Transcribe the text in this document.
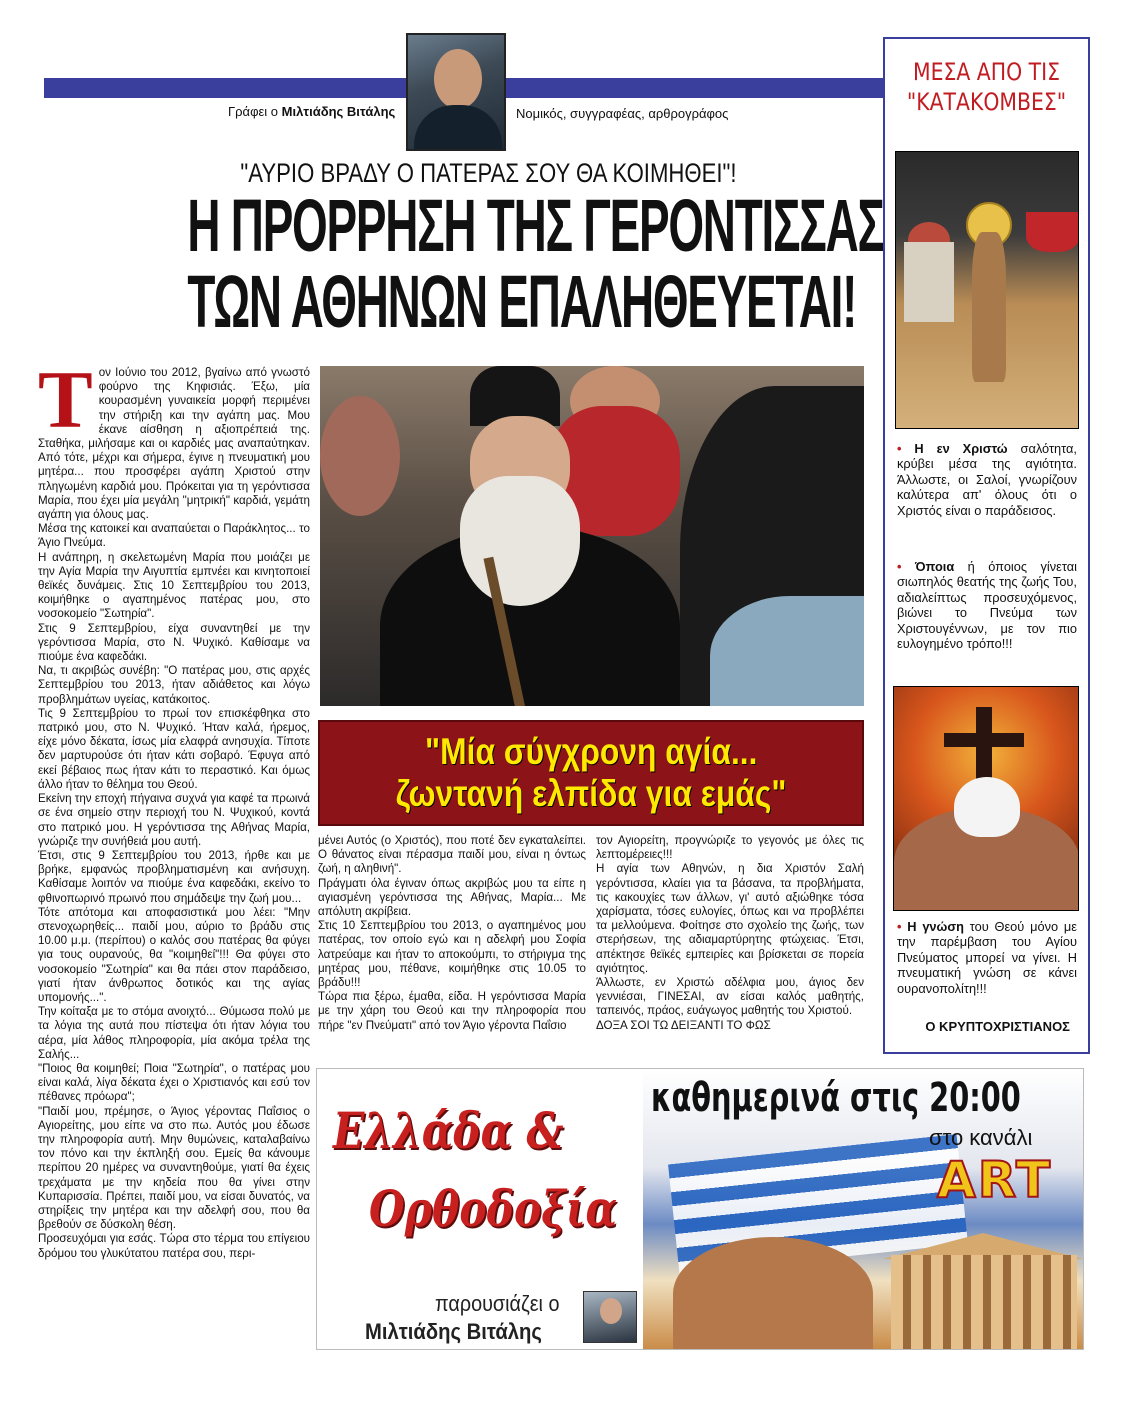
Γράφει ο Μιλτιάδης Βιτάλης	Νομικός, συγγραφέας, αρθρογράφος
"ΑΥΡΙΟ ΒΡΑΔΥ Ο ΠΑΤΕΡΑΣ ΣΟΥ ΘΑ ΚΟΙΜΗΘΕΙ"!
Η ΠΡΟΡΡΗΣΗ ΤΗΣ ΓΕΡΟΝΤΙΣΣΑΣ
ΤΩΝ ΑΘΗΝΩΝ ΕΠΑΛΗΘΕΥΕΤΑΙ!
Τ ον Ιούνιο του 2012, βγαίνω από γνωστό φούρνο της Κηφισιάς. Έξω, μία κουρασμένη γυναικεία μορφή περιμένει την στήριξη και την αγάπη μας. Μου έκανε αίσθηση η αξιοπρέπειά της. Σταθήκα, μιλήσαμε και οι καρδιές μας αναπαύτηκαν. Από τότε, μέχρι και σήμερα, έγινε η πνευματική μου μητέρα... που προσφέρει αγάπη Χριστού στην πληγωμένη καρδιά μου. Πρόκειται για τη γερόντισσα Μαρία, που έχει μία μεγάλη "μητρική" καρδιά, γεμάτη αγάπη για όλους μας.

Μέσα της κατοικεί και αναπαύεται ο Παράκλητος... το Άγιο Πνεύμα.

Η ανάπηρη, η σκελετωμένη Μαρία που μοιάζει με την Αγία Μαρία την Αιγυπτία εμπνέει και κινητοποιεί θεϊκές δυνάμεις. Στις 10 Σεπτεμβρίου του 2013, κοιμήθηκε ο αγαπημένος πατέρας μου, στο νοσοκομείο "Σωτηρία".

Στις 9 Σεπτεμβρίου, είχα συναντηθεί με την γερόντισσα Μαρία, στο Ν. Ψυχικό. Καθίσαμε να πιούμε ένα καφεδάκι.

Να, τι ακριβώς συνέβη: "Ο πατέρας μου, στις αρχές Σεπτεμβρίου του 2013, ήταν αδιάθετος και λόγω προβλημάτων υγείας, κατάκοιτος.

Τις 9 Σεπτεμβρίου το πρωί τον επισκέφθηκα στο πατρικό μου, στο Ν. Ψυχικό. Ήταν καλά, ήρεμος, είχε μόνο δέκατα, ίσως μία ελαφρά ανησυχία. Τίποτε δεν μαρτυρούσε ότι ήταν κάτι σοβαρό. Έφυγα από εκεί βέβαιος πως ήταν κάτι το περαστικό. Και όμως άλλο ήταν το θέλημα του Θεού.

Εκείνη την εποχή πήγαινα συχνά για καφέ τα πρωινά σε ένα σημείο στην περιοχή του Ν. Ψυχικού, κοντά στο πατρικό μου. Η γερόντισσα της Αθήνας Μαρία, γνώριζε την συνήθειά μου αυτή.

Έτσι, στις 9 Σεπτεμβρίου του 2013, ήρθε και με βρήκε, εμφανώς προβληματισμένη και ανήσυχη. Καθίσαμε λοιπόν να πιούμε ένα καφεδάκι, εκείνο το φθινοπωρινό πρωινό που σημάδεψε την ζωή μου...

Τότε απότομα και αποφασιστικά μου λέει: "Μην στενοχωρηθείς... παιδί μου, αύριο το βράδυ στις 10.00 μ.μ. (περίπου) ο καλός σου πατέρας θα φύγει για τους ουρανούς, θα "κοιμηθεί"!!! Θα φύγει στο νοσοκομείο "Σωτηρία" και θα πάει στον παράδεισο, γιατί ήταν άνθρωπος δοτικός και της αγίας υπομονής...".

Την κοίταξα με το στόμα ανοιχτό... Θύμωσα πολύ με τα λόγια της αυτά που πίστεψα ότι ήταν λόγια του αέρα, μία λάθος πληροφορία, μία ακόμα τρέλα της Σαλής...

"Ποιος θα κοιμηθεί; Ποια "Σωτηρία", ο πατέρας μου είναι καλά, λίγα δέκατα έχει ο Χριστιανός και εσύ τον πέθανες πρόωρα";

"Παιδί μου, πρέμησε, ο Άγιος γέροντας Παΐσιος ο Αγιορείτης, μου είπε να στο πω. Αυτός μου έδωσε την πληροφορία αυτή. Μην θυμώνεις, καταλαβαίνω τον πόνο και την έκπληξή σου. Εμείς θα κάνουμε περίπου 20 ημέρες να συναντηθούμε, γιατί θα έχεις τρεχάματα με την κηδεία που θα γίνει στην Κυπαρισσία. Πρέπει, παιδί μου, να είσαι δυνατός, να στηρίξεις την μητέρα και την αδελφή σου, που θα βρεθούν σε δύσκολη θέση.

Προσευχόμαι για εσάς. Τώρα στο τέρμα του επίγειου δρόμου του γλυκύτατου πατέρα σου, περι-

"Μία σύγχρονη αγία...
ζωντανή ελπίδα για εμάς"

μένει Αυτός (ο Χριστός), που ποτέ δεν εγκαταλείπει. Ο θάνατος είναι πέρασμα παιδί μου, είναι η όντως ζωή, η αληθινή".

Πράγματι όλα έγιναν όπως ακριβώς μου τα είπε η αγιασμένη γερόντισσα της Αθήνας, Μαρία... Με απόλυτη ακρίβεια.

Στις 10 Σεπτεμβρίου του 2013, ο αγαπημένος μου πατέρας, τον οποίο εγώ και η αδελφή μου Σοφία λατρεύαμε και ήταν το αποκούμπι, το στήριγμα της μητέρας μου, πέθανε, κοιμήθηκε στις 10.05 το βράδυ!!!

Τώρα πια ξέρω, έμαθα, είδα. Η γερόντισσα Μαρία με την χάρη του Θεού και την πληροφορία που πήρε "εν Πνεύματι" από τον Άγιο γέροντα Παΐσιο

τον Αγιορείτη, προγνώριζε το γεγονός με όλες τις λεπτομέρειες!!!

Η αγία των Αθηνών, η δια Χριστόν Σαλή γερόντισσα, κλαίει για τα βάσανα, τα προβλήματα, τις κακουχίες των άλλων, γι' αυτό αξιώθηκε τόσα χαρίσματα, τόσες ευλογίες, όπως και να προβλέπει τα μελλούμενα. Φοίτησε στο σχολείο της ζωής, των στερήσεων, της αδιαμαρτύρητης φτώχειας. Έτσι, απέκτησε θεϊκές εμπειρίες και βρίσκεται σε πορεία αγιότητος.

Άλλωστε, εν Χριστώ αδέλφια μου, άγιος δεν γεννιέσαι, ΓΙΝΕΣΑΙ, αν είσαι καλός μαθητής, ταπεινός, πράος, ευάγωγος μαθητής του Χριστού.

ΔΟΞΑ ΣΟΙ ΤΩ ΔΕΙΞΑΝΤΙ ΤΟ ΦΩΣ

ΜΕΣΑ ΑΠΟ ΤΙΣ
"ΚΑΤΑΚΟΜΒΕΣ"
• Η εν Χριστώ σαλότητα, κρύβει μέσα της αγιότητα. Άλλωστε, οι Σαλοί, γνωρίζουν καλύτερα απ' όλους ότι ο Χριστός είναι ο παράδεισος.
• Όποια ή όποιος γίνεται σιωπηλός θεατής της ζωής Του, αδιαλείπτως προσευχόμενος, βιώνει το Πνεύμα των Χριστουγέννων, με τον πιο ευλογημένο τρόπο!!!
• Η γνώση του Θεού μόνο με την παρέμβαση του Αγίου Πνεύματος μπορεί να γίνει. Η πνευματική γνώση σε κάνει ουρανοπολίτη!!!
Ο ΚΡΥΠΤΟΧΡΙΣΤΙΑΝΟΣ
Ελλάδα &
Ορθοδοξία
παρουσιάζει ο
Μιλτιάδης Βιτάλης
καθημερινά στις 20:00
στο κανάλι
ART
